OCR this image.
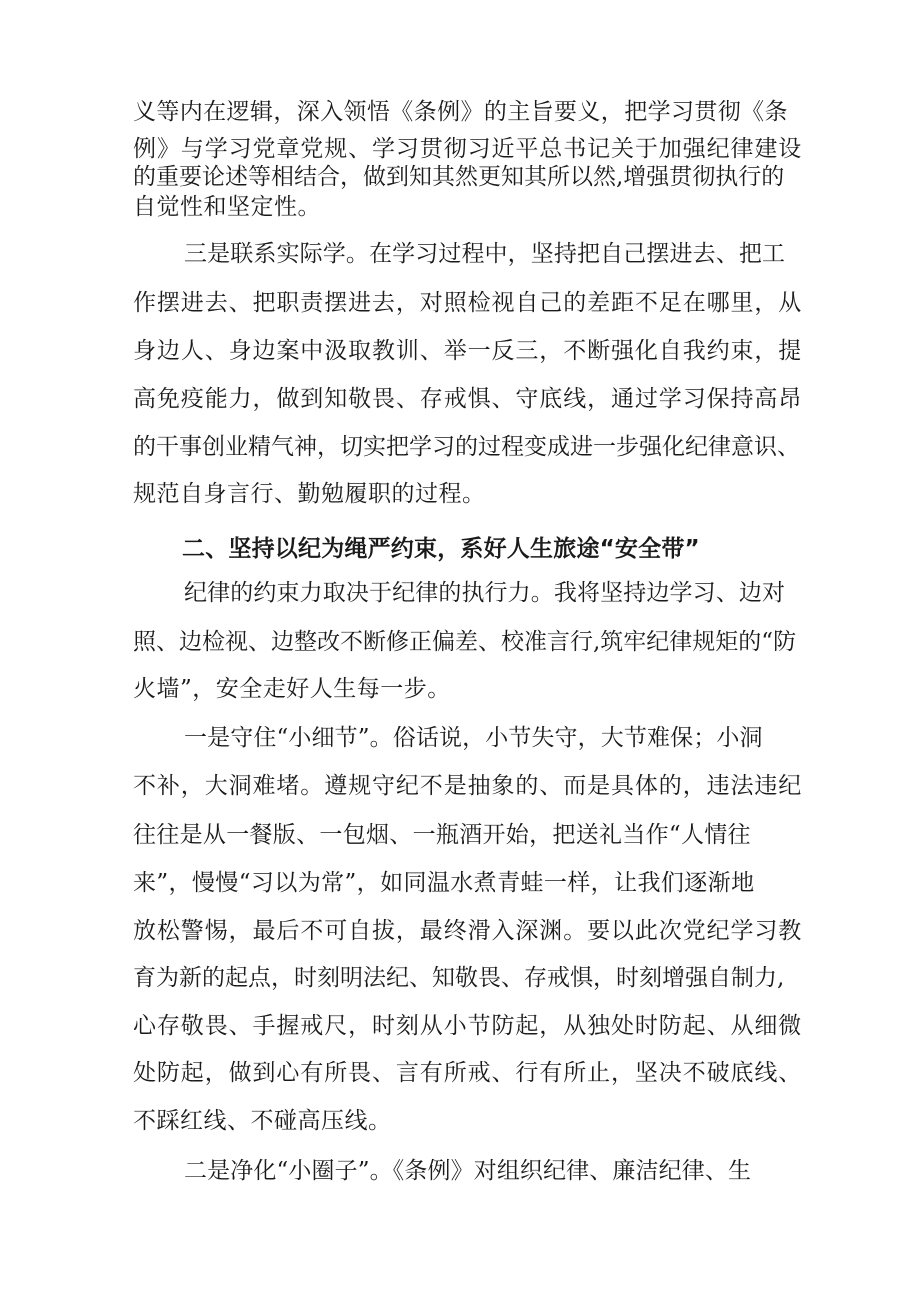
义等内在逻辑，深入领悟《条例》的主旨要义，把学习贯彻《条
例》与学习党章党规、学习贯彻习近平总书记关于加强纪律建设
的重要论述等相结合，做到知其然更知其所以然,增强贯彻执行的
自觉性和坚定性。
三是联系实际学。在学习过程中，坚持把自己摆进去、把工
作摆进去、把职责摆进去，对照检视自己的差距不足在哪里，从
身边人、身边案中汲取教训、举一反三，不断强化自我约束，提
高免疫能力，做到知敬畏、存戒惧、守底线，通过学习保持高昂
的干事创业精气神，切实把学习的过程变成进一步强化纪律意识、
规范自身言行、勤勉履职的过程。
二、坚持以纪为绳严约束，系好人生旅途“安全带”
纪律的约束力取决于纪律的执行力。我将坚持边学习、边对
照、边检视、边整改不断修正偏差、校准言行,筑牢纪律规矩的“防
火墙”，安全走好人生每一步。
一是守住“小细节”。俗话说，小节失守，大节难保；小洞
不补，大洞难堵。遵规守纪不是抽象的、而是具体的，违法违纪
往往是从一餐版、一包烟、一瓶酒开始，把送礼当作“人情往
来”，慢慢“习以为常”，如同温水煮青蛙一样，让我们逐渐地
放松警惕，最后不可自拔，最终滑入深渊。要以此次党纪学习教
育为新的起点，时刻明法纪、知敬畏、存戒惧，时刻增强自制力,
心存敬畏、手握戒尺，时刻从小节防起，从独处时防起、从细微
处防起，做到心有所畏、言有所戒、行有所止，坚决不破底线、
不踩红线、不碰高压线。
二是净化“小圈子”。《条例》对组织纪律、廉洁纪律、生
